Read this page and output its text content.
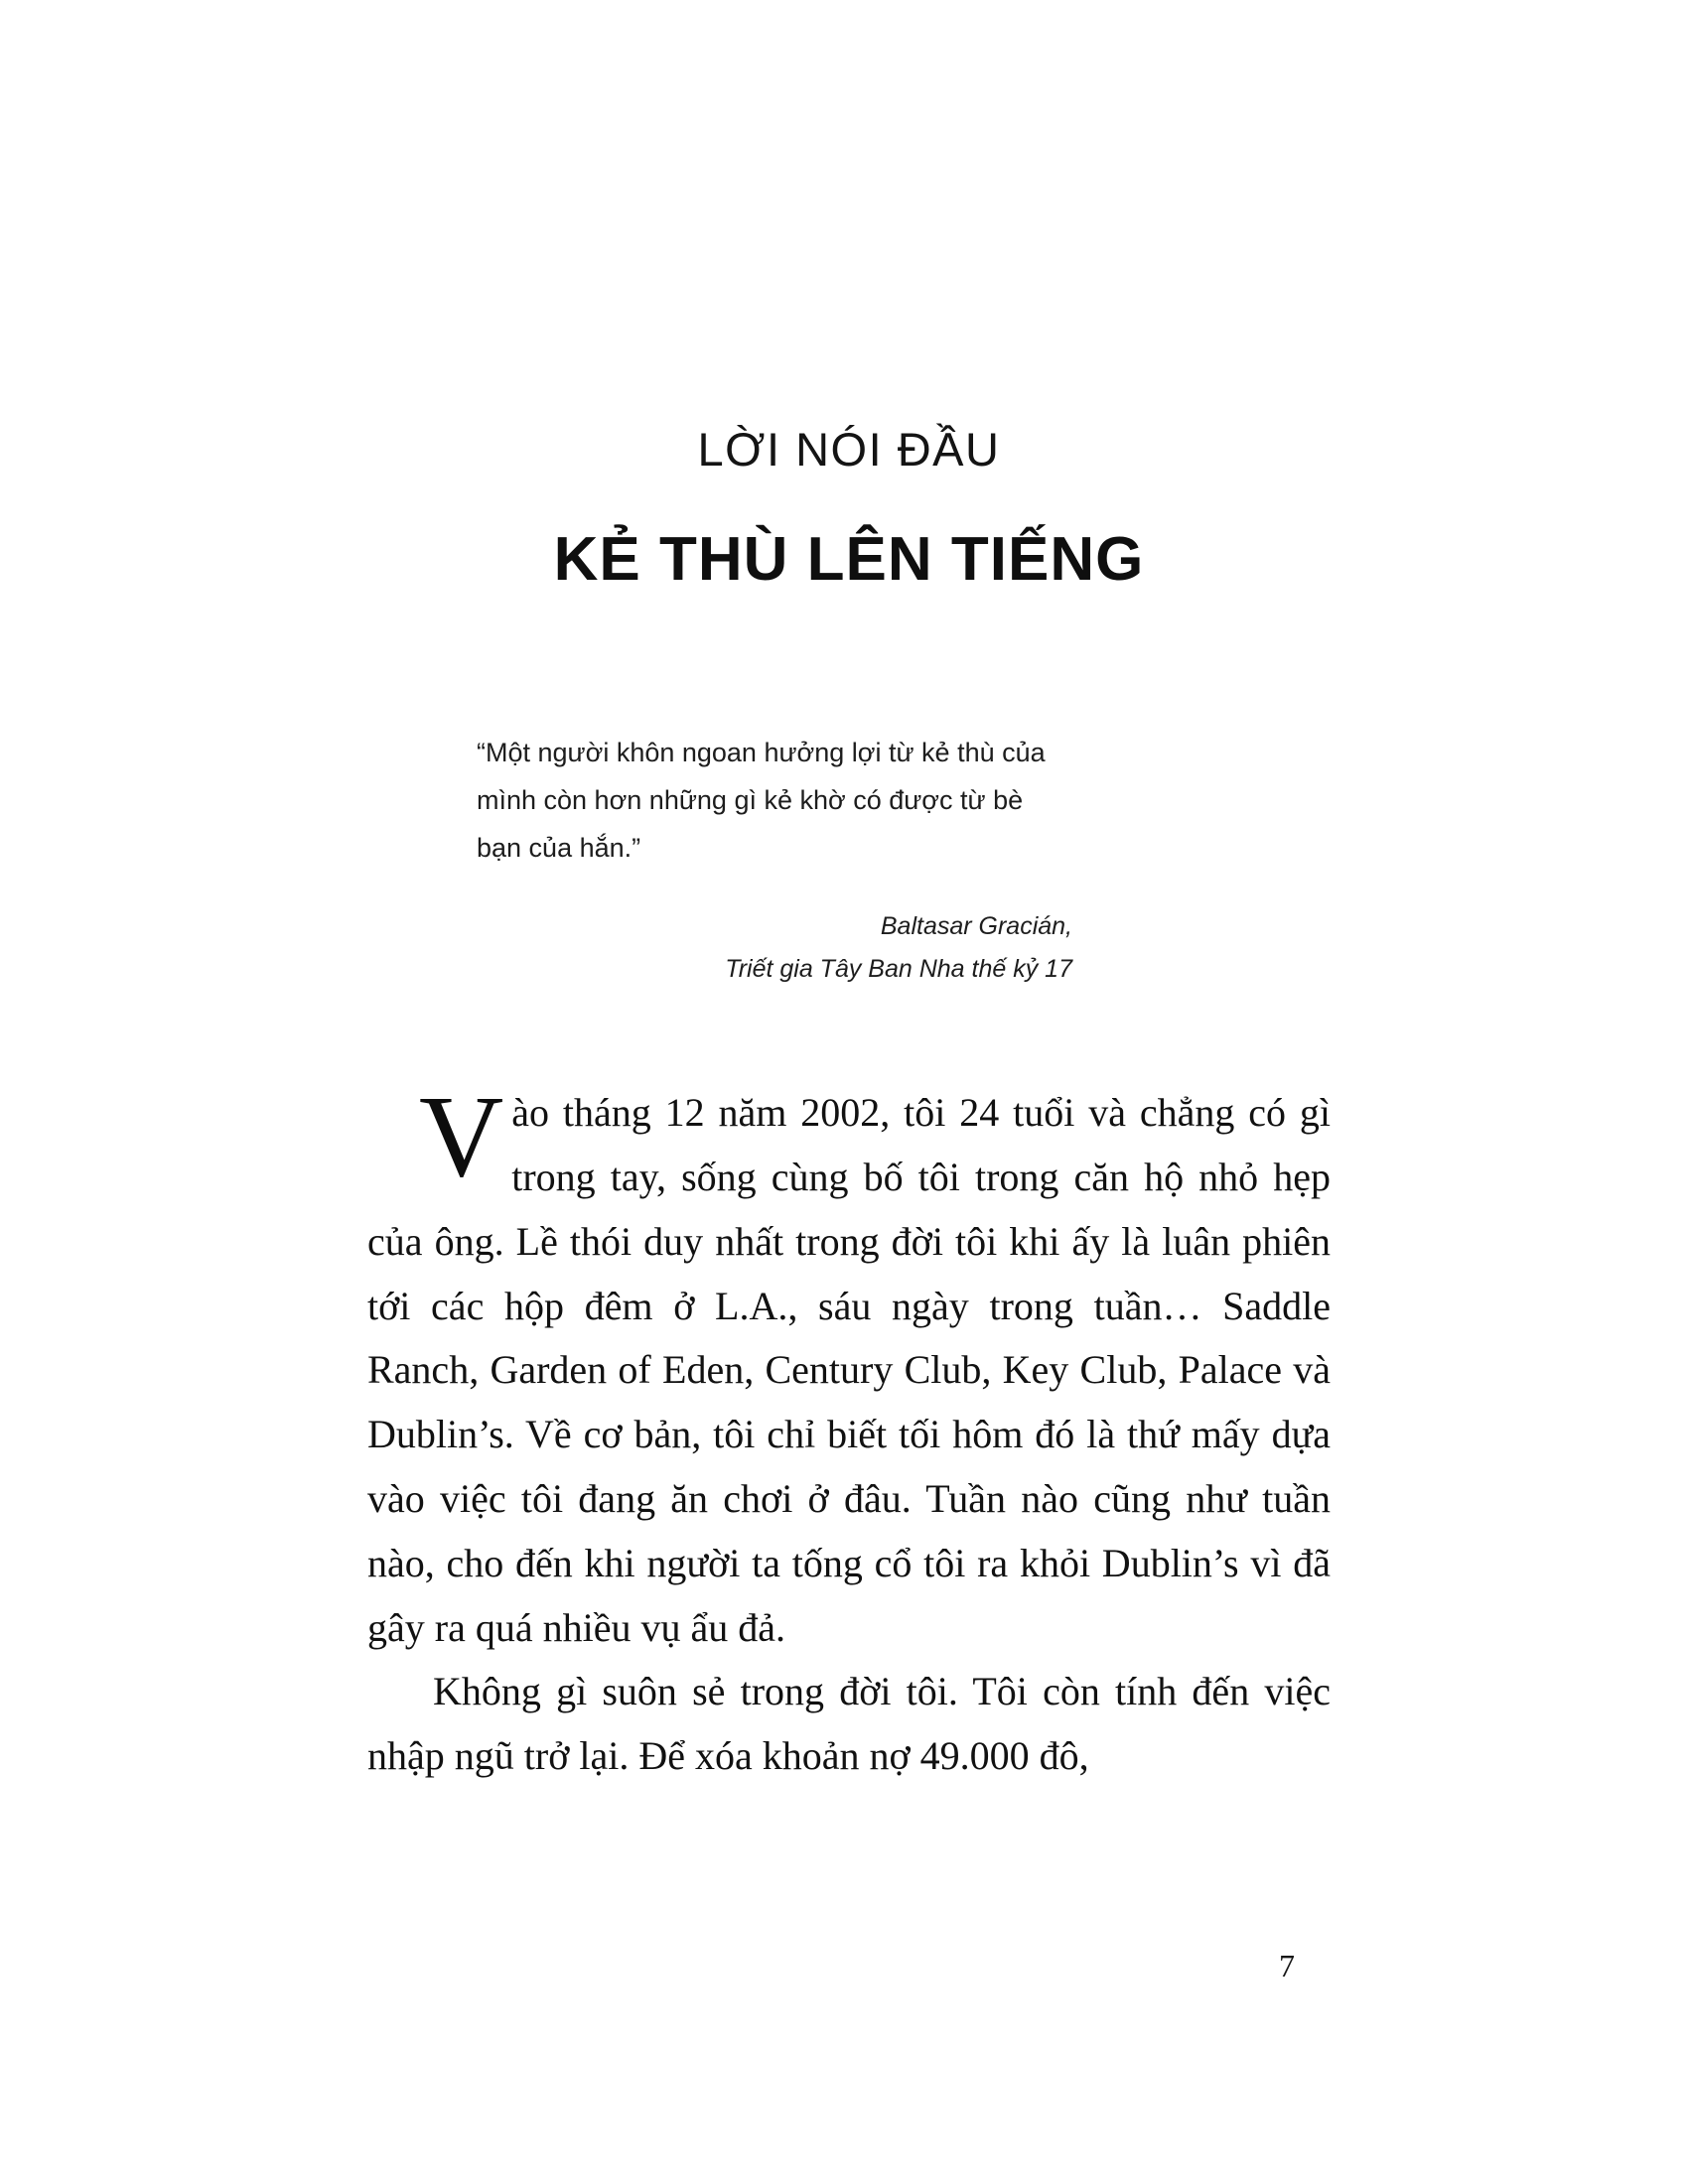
LỜI NÓI ĐẦU
KẺ THÙ LÊN TIẾNG

“Một người khôn ngoan hưởng lợi từ kẻ thù của mình còn hơn những gì kẻ khờ có được từ bè bạn của hắn.”

Baltasar Gracián,
Triết gia Tây Ban Nha thế kỷ 17

V ào tháng 12 năm 2002, tôi 24 tuổi và chẳng có gì trong tay, sống cùng bố tôi trong căn hộ nhỏ hẹp của ông. Lề thói duy nhất trong đời tôi khi ấy là luân phiên tới các hộp đêm ở L.A., sáu ngày trong tuần… Saddle Ranch, Garden of Eden, Century Club, Key Club, Palace và Dublin’s. Về cơ bản, tôi chỉ biết tối hôm đó là thứ mấy dựa vào việc tôi đang ăn chơi ở đâu. Tuần nào cũng như tuần nào, cho đến khi người ta tống cổ tôi ra khỏi Dublin’s vì đã gây ra quá nhiều vụ ẩu đả.

Không gì suôn sẻ trong đời tôi. Tôi còn tính đến việc nhập ngũ trở lại. Để xóa khoản nợ 49.000 đô,

7
